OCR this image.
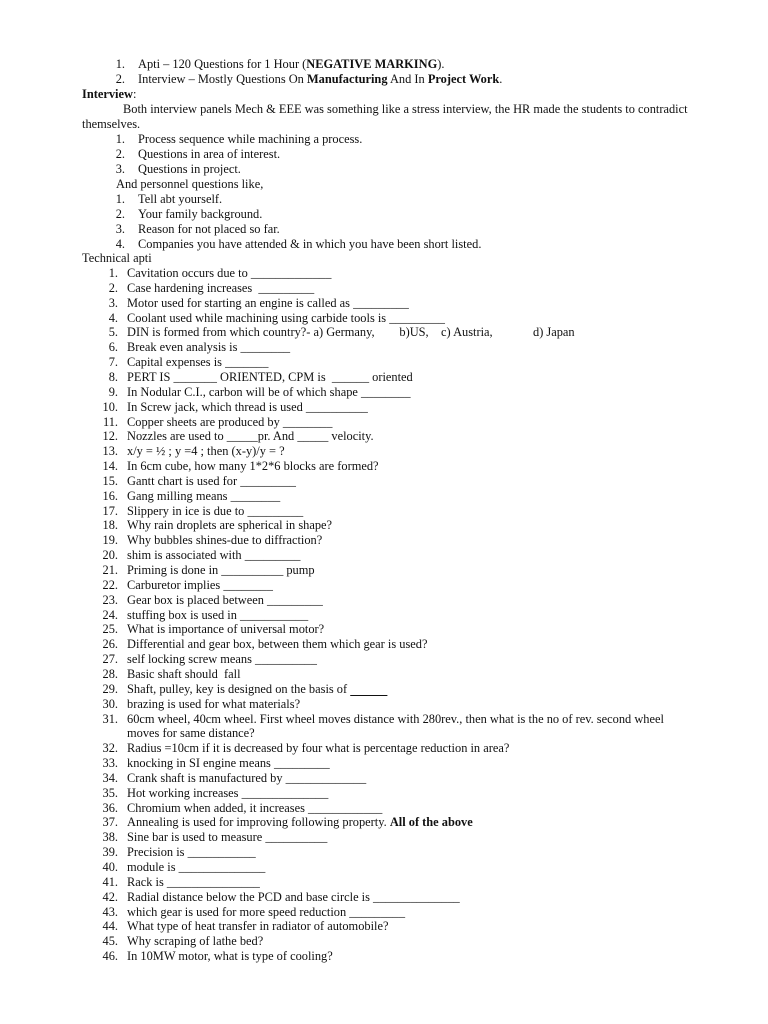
1. Apti – 120 Questions for 1 Hour (NEGATIVE MARKING).
2. Interview – Mostly Questions On Manufacturing And In Project Work.
Interview:
Both interview panels Mech & EEE was something like a stress interview, the HR made the students to contradict
themselves.
1. Process sequence while machining a process.
2. Questions in area of interest.
3. Questions in project.
And personnel questions like,
1. Tell abt yourself.
2. Your family background.
3. Reason for not placed so far.
4. Companies you have attended & in which you have been short listed.
Technical apti
1. Cavitation occurs due to _____________
2. Case hardening increases  _________
3. Motor used for starting an engine is called as _________
4. Coolant used while machining using carbide tools is _________
5. DIN is formed from which country?- a) Germany,        b)US,    c) Austria,	d) Japan
6. Break even analysis is ________
7. Capital expenses is _______
8. PERT IS _______ ORIENTED, CPM is  ______ oriented
9. In Nodular C.I., carbon will be of which shape ________
10. In Screw jack, which thread is used __________
11. Copper sheets are produced by ________
12. Nozzles are used to _____pr. And _____ velocity.
13. x/y = ½ ; y =4 ; then (x-y)/y = ?
14. In 6cm cube, how many 1*2*6 blocks are formed?
15. Gantt chart is used for _________
16. Gang milling means ________
17. Slippery in ice is due to _________
18. Why rain droplets are spherical in shape?
19. Why bubbles shines-due to diffraction?
20. shim is associated with _________
21. Priming is done in __________ pump
22. Carburetor implies ________
23. Gear box is placed between _________
24. stuffing box is used in ___________
25. What is importance of universal motor?
26. Differential and gear box, between them which gear is used?
27. self locking screw means __________
28. Basic shaft should  fall
29. Shaft, pulley, key is designed on the basis of
30. brazing is used for what materials?
31. 60cm wheel, 40cm wheel. First wheel moves distance with 280rev., then what is the no of rev. second wheel
moves for same distance?
32. Radius =10cm if it is decreased by four what is percentage reduction in area?
33. knocking in SI engine means _________
34. Crank shaft is manufactured by _____________
35. Hot working increases ______________
36. Chromium when added, it increases ____________
37. Annealing is used for improving following property. All of the above
38. Sine bar is used to measure __________
39. Precision is ___________
40. module is ______________
41. Rack is _______________
42. Radial distance below the PCD and base circle is ______________
43. which gear is used for more speed reduction _________
44. What type of heat transfer in radiator of automobile?
45. Why scraping of lathe bed?
46. In 10MW motor, what is type of cooling?
